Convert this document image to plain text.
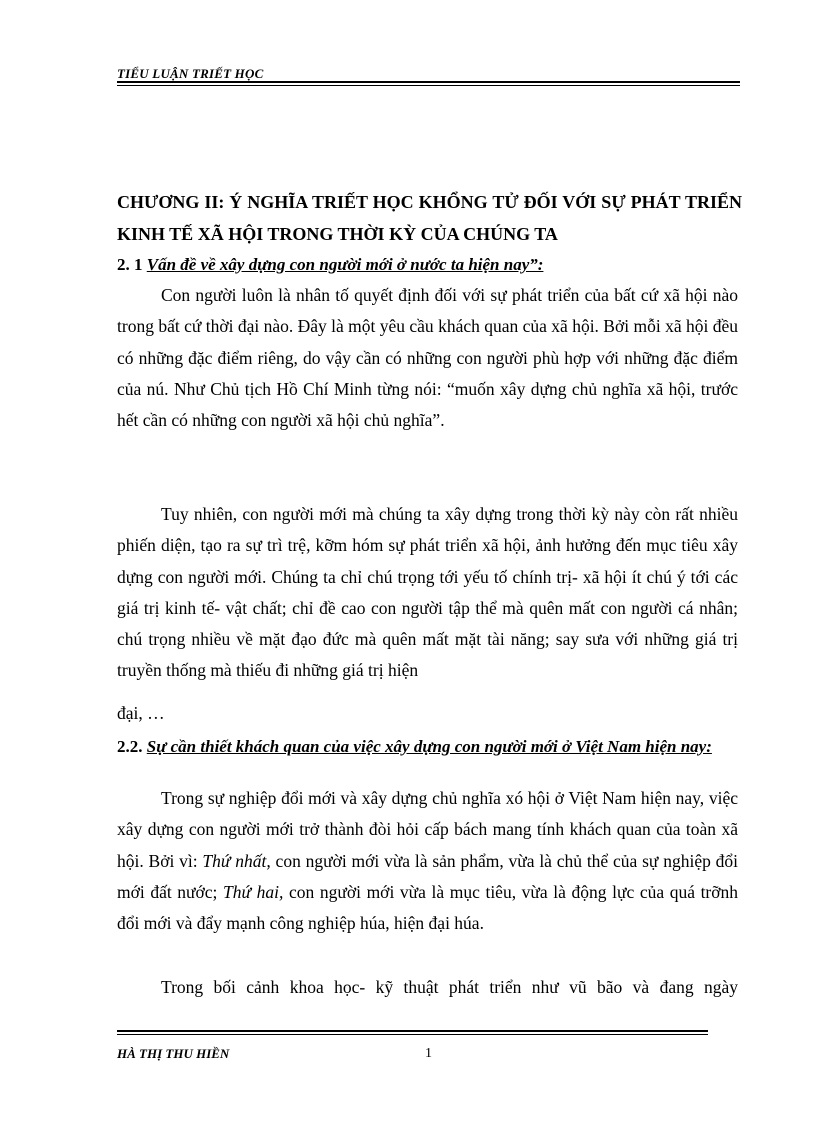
TIỂU LUẬN TRIẾT HỌC
CHƯƠNG II: Ý NGHĨA TRIẾT HỌC KHỔNG TỬ ĐỐI VỚI SỰ PHÁT TRIỂN KINH TẾ XÃ HỘI TRONG THỜI KỲ CỦA CHÚNG TA
2. 1 Vấn đề về xây dựng con người mới ở nước ta hiện nay”:

Con người luôn là nhân tố quyết định đối với sự phát triển của bất cứ xã hội nào trong bất cứ thời đại nào. Đây là một yêu cầu khách quan của xã hội. Bởi mỗi xã hội đều có những đặc điểm riêng, do vậy cần có những con người phù hợp với những đặc điểm của nú. Như Chủ tịch Hồ Chí Minh từng nói: “muốn xây dựng chủ nghĩa xã hội, trước hết cần có những con người xã hội chủ nghĩa”.

Tuy nhiên, con người mới mà chúng ta xây dựng trong thời kỳ này còn rất nhiều phiến diện, tạo ra sự trì trệ, kỡm hóm sự phát triển xã hội, ảnh hưởng đến mục tiêu xây dựng con người mới. Chúng ta chỉ chú trọng tới yếu tố chính trị- xã hội ít chú ý tới các giá trị kinh tế- vật chất; chỉ đề cao con người tập thể mà quên mất con người cá nhân; chú trọng nhiều về mặt đạo đức mà quên mất mặt tài năng; say sưa với những giá trị truyền thống mà thiếu đi những giá trị hiện

đại, …
2.2. Sự cần thiết khách quan của việc xây dựng con người mới ở Việt Nam hiện nay:

Trong sự nghiệp đổi mới và xây dựng chủ nghĩa xó hội ở Việt Nam hiện nay, việc xây dựng con người mới trở thành đòi hỏi cấp bách mang tính khách quan của toàn xã hội. Bởi vì: Thứ nhất, con người mới vừa là sản phẩm, vừa là chủ thể của sự nghiệp đổi mới đất nước; Thứ hai, con người mới vừa là mục tiêu, vừa là động lực của quá trỡnh đổi mới và đẩy mạnh công nghiệp húa, hiện đại húa.

Trong bối cảnh khoa học- kỹ thuật phát triển như vũ bão và đang ngày

HÀ THỊ THU HIỀN	1
